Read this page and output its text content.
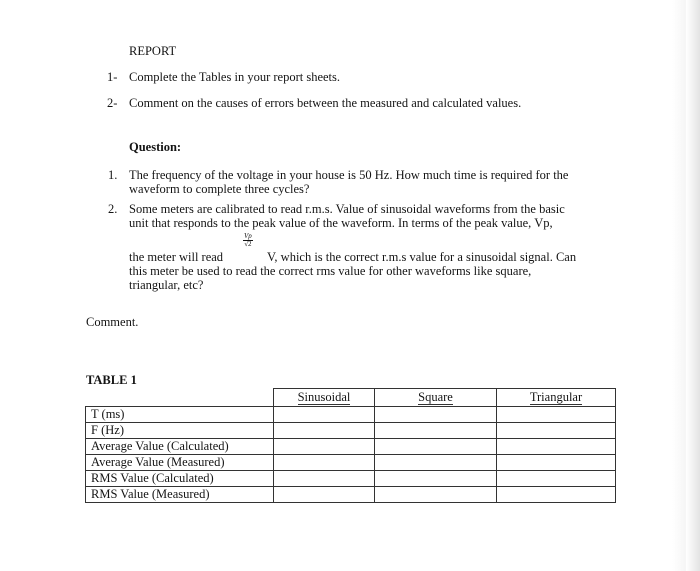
REPORT
1- Complete the Tables in your report sheets.
2- Comment on the causes of errors between the measured and calculated values.
Question:
1. The frequency of the voltage in your house is 50 Hz. How much time is required for the
waveform to complete three cycles?
2. Some meters are calibrated to read r.m.s. Value of sinusoidal waveforms from the basic
unit that responds to the peak value of the waveform. In terms of the peak value, Vp,
the meter will read
$\frac{Vp}{√2}$
V, which is the correct r.m.s value for a sinusoidal signal. Can
this meter be used to read the correct rms value for other waveforms like square,
triangular, etc?
Comment.
TABLE 1
	Sinusoidal	Square	Triangular
T (ms)			
F (Hz)			
Average Value (Calculated)			
Average Value (Measured)			
RMS Value (Calculated)			
RMS Value (Measured)			
